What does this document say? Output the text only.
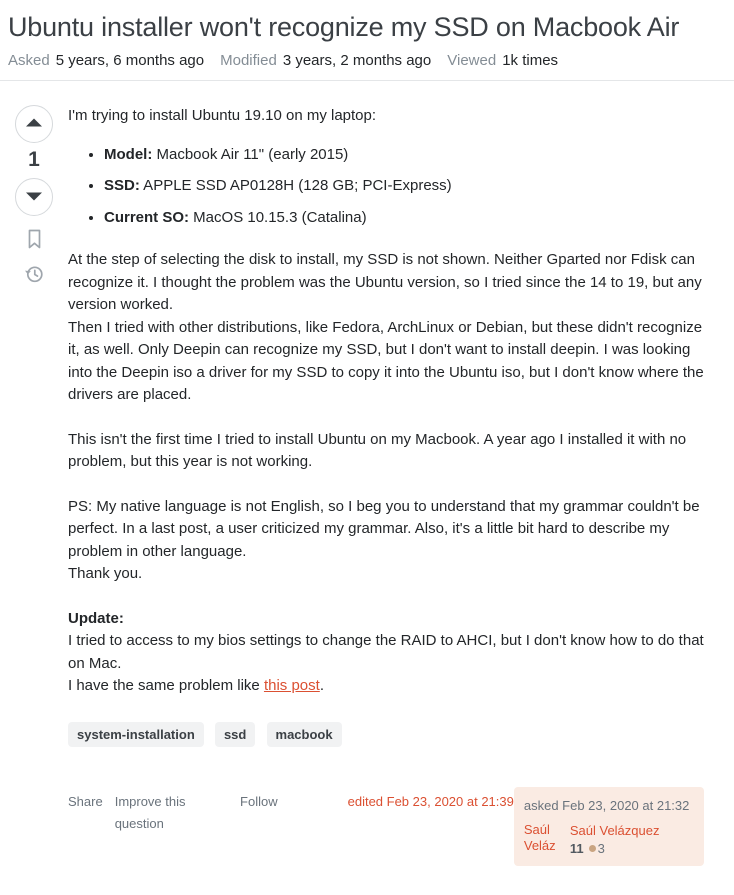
Ubuntu installer won't recognize my SSD on Macbook Air
Asked 5 years, 6 months ago Modified 3 years, 2 months ago Viewed 1k times
1

I'm trying to install Ubuntu 19.10 on my laptop:

• Model: Macbook Air 11" (early 2015)
• SSD: APPLE SSD AP0128H (128 GB; PCI-Express)
• Current SO: MacOS 10.15.3 (Catalina)

At the step of selecting the disk to install, my SSD is not shown. Neither Gparted nor Fdisk can recognize it. I thought the problem was the Ubuntu version, so I tried since the 14 to 19, but any version worked.
Then I tried with other distributions, like Fedora, ArchLinux or Debian, but these didn't recognize it, as well. Only Deepin can recognize my SSD, but I don't want to install deepin. I was looking into the Deepin iso a driver for my SSD to copy it into the Ubuntu iso, but I don't know where the drivers are placed.

This isn't the first time I tried to install Ubuntu on my Macbook. A year ago I installed it with no problem, but this year is not working.

PS: My native language is not English, so I beg you to understand that my grammar couldn't be perfect. In a last post, a user criticized my grammar. Also, it's a little bit hard to describe my problem in other language.
Thank you.

Update:
I tried to access to my bios settings to change the RAID to AHCI, but I don't know how to do that on Mac.
I have the same problem like this post.

system-installation ssd macbook
Share Improve this question
Follow	edited Feb 23, 2020 at 21:39 asked Feb 23, 2020 at 21:32
Saúl Veláz
Saúl Velázquez
11 3
